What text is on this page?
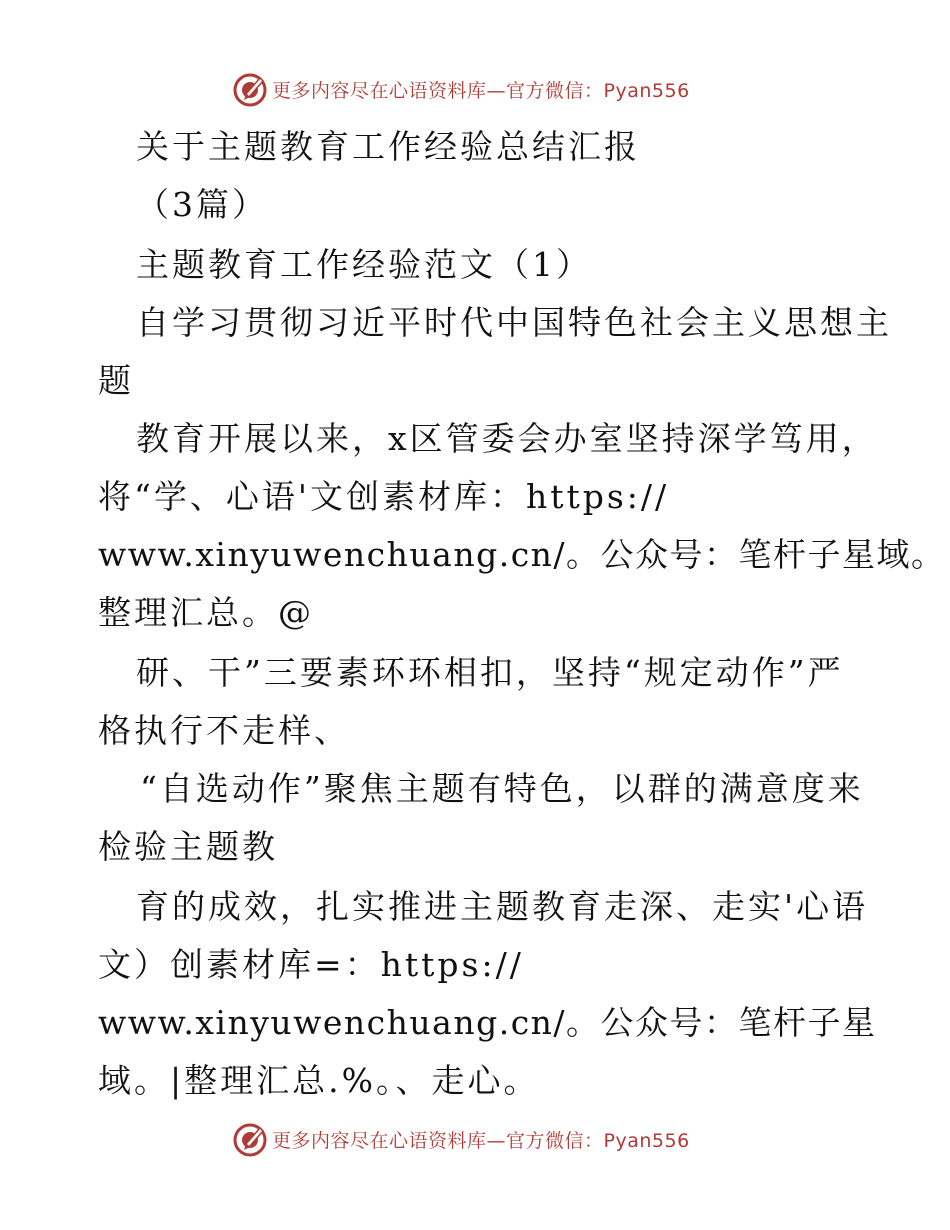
更多内容尽在心语资料库—官方微信：Pyan556
关于主题教育工作经验总结汇报
（3篇）
主题教育工作经验范文（1）
自学习贯彻习近平时代中国特色社会主义思想主
题
教育开展以来，x区管委会办室坚持深学笃用，
将“学、心语'文创素材库：https://
www.xinyuwenchuang.cn/。公众号：笔杆子星域。
整理汇总。@
研、干”三要素环环相扣，坚持“规定动作”严
格执行不走样、
“自选动作”聚焦主题有特色，以群的满意度来
检验主题教
育的成效，扎实推进主题教育走深、走实'心语
文）创素材库=：https://
www.xinyuwenchuang.cn/。公众号：笔杆子星
域。|整理汇总.%。、走心。
更多内容尽在心语资料库—官方微信：Pyan556
